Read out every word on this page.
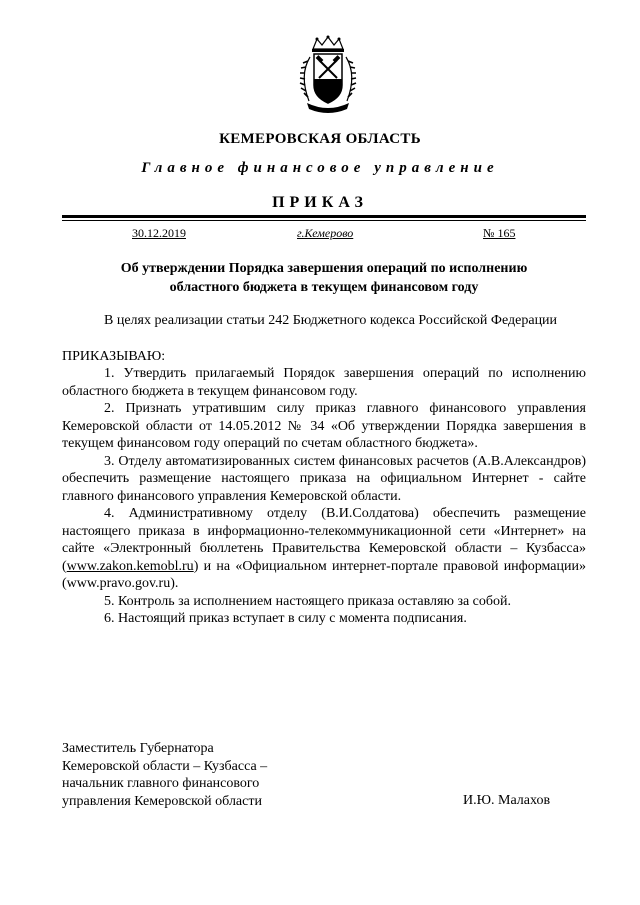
КЕМЕРОВСКАЯ ОБЛАСТЬ
Главное финансовое управление
ПРИКАЗ
30.12.2019	г.Кемерово	№ 165
Об утверждении Порядка завершения операций по исполнению
областного бюджета в текущем финансовом году

В целях реализации статьи 242 Бюджетного кодекса Российской Федерации

ПРИКАЗЫВАЮ:

1. Утвердить прилагаемый Порядок завершения операций по исполнению областного бюджета в текущем финансовом году.

2. Признать утратившим силу приказ главного финансового управления Кемеровской области от 14.05.2012 № 34 «Об утверждении Порядка завершения в текущем финансовом году операций по счетам областного бюджета».

3. Отделу автоматизированных систем финансовых расчетов (А.В.Александров) обеспечить размещение настоящего приказа на официальном Интернет - сайте главного финансового управления Кемеровской области.

4. Административному отделу (В.И.Солдатова) обеспечить размещение настоящего приказа в информационно-телекоммуникационной сети «Интернет» на сайте «Электронный бюллетень Правительства Кемеровской области – Кузбасса» (www.zakon.kemobl.ru) и на «Официальном интернет-портале правовой информации» (www.pravo.gov.ru).

5. Контроль за исполнением настоящего приказа оставляю за собой.

6. Настоящий приказ вступает в силу с момента подписания.

Заместитель Губернатора
Кемеровской области – Кузбасса –
начальник главного финансового
управления Кемеровской области	И.Ю. Малахов
